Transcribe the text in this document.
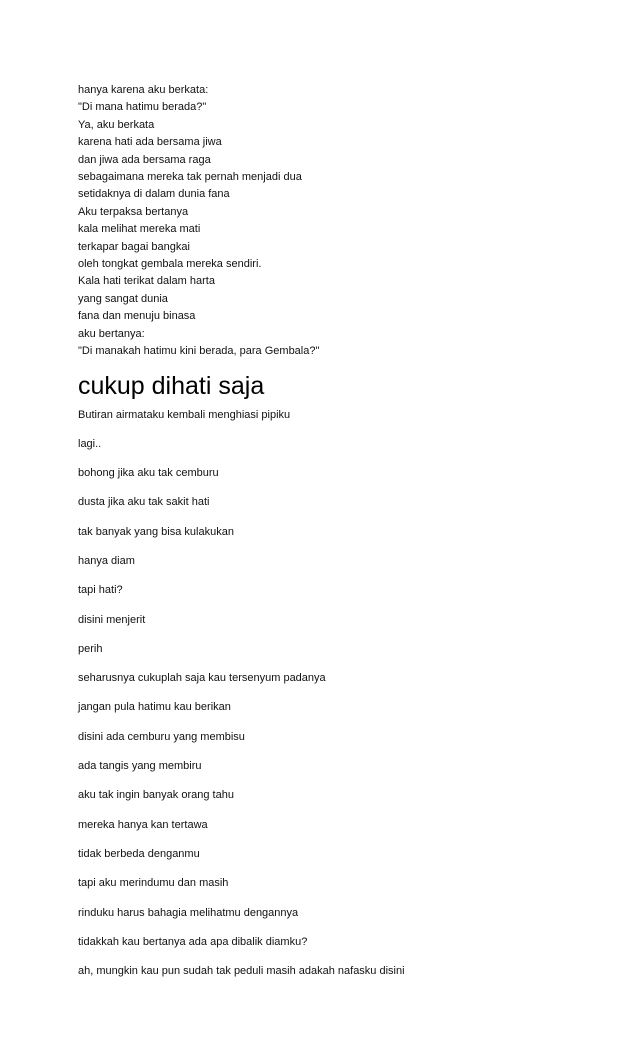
hanya karena aku berkata:
"Di mana hatimu berada?"
Ya, aku berkata
karena hati ada bersama jiwa
dan jiwa ada bersama raga
sebagaimana mereka tak pernah menjadi dua
setidaknya di dalam dunia fana
Aku terpaksa bertanya
kala melihat mereka mati
terkapar bagai bangkai
oleh tongkat gembala mereka sendiri.
Kala hati terikat dalam harta
yang sangat dunia
fana dan menuju binasa
aku bertanya:
"Di manakah hatimu kini berada, para Gembala?"
cukup dihati saja

Butiran airmataku kembali menghiasi pipiku

lagi..

bohong jika aku tak cemburu

dusta jika aku tak sakit hati

tak banyak yang bisa kulakukan

hanya diam

tapi hati?

disini menjerit

perih

seharusnya cukuplah saja kau tersenyum padanya

jangan pula hatimu kau berikan

disini ada cemburu yang membisu

ada tangis yang membiru

aku tak ingin banyak orang tahu

mereka hanya kan tertawa

tidak berbeda denganmu

tapi aku merindumu dan masih

rinduku harus bahagia melihatmu dengannya

tidakkah kau bertanya ada apa dibalik diamku?

ah, mungkin kau pun sudah tak peduli masih adakah nafasku disini
